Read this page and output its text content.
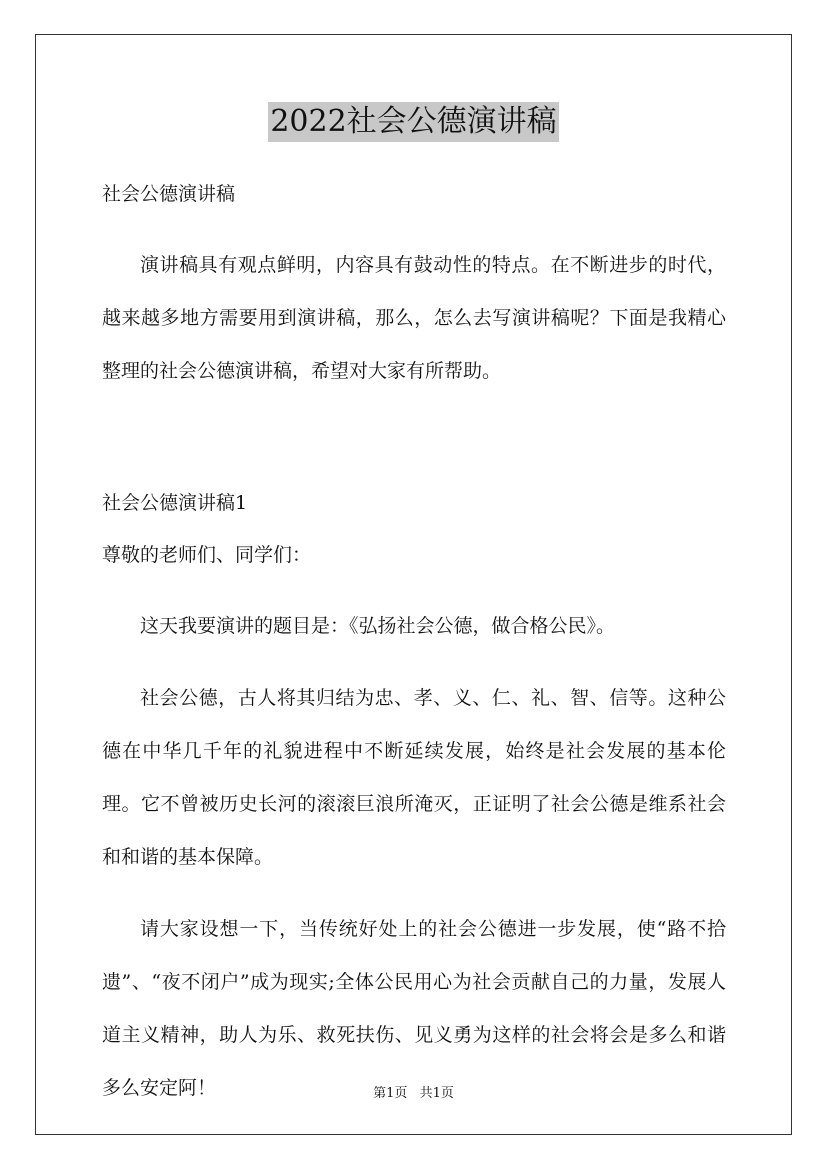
2022社会公德演讲稿

社会公德演讲稿

演讲稿具有观点鲜明，内容具有鼓动性的特点。在不断进步的时代，越来越多地方需要用到演讲稿，那么，怎么去写演讲稿呢？下面是我精心整理的社会公德演讲稿，希望对大家有所帮助。

社会公德演讲稿1

尊敬的老师们、同学们：

这天我要演讲的题目是：《弘扬社会公德，做合格公民》。

社会公德，古人将其归结为忠、孝、义、仁、礼、智、信等。这种公德在中华几千年的礼貌进程中不断延续发展，始终是社会发展的基本伦理。它不曾被历史长河的滚滚巨浪所淹灭，正证明了社会公德是维系社会和和谐的基本保障。

请大家设想一下，当传统好处上的社会公德进一步发展，使“路不拾遗”、“夜不闭户”成为现实;全体公民用心为社会贡献自己的力量，发展人道主义精神，助人为乐、救死扶伤、见义勇为这样的社会将会是多么和谐多么安定阿！	第1页 共1页
